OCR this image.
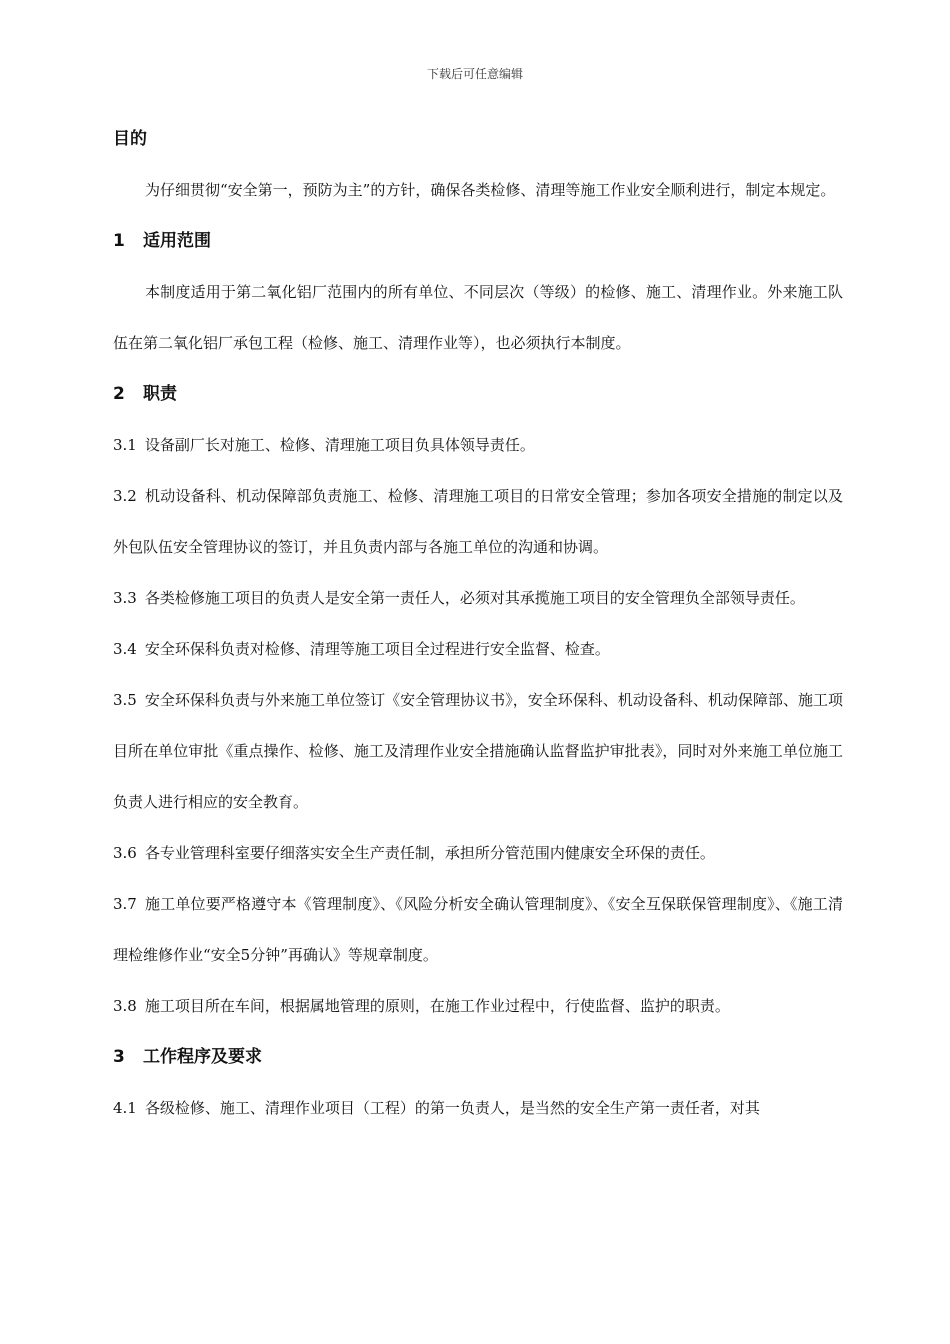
下载后可任意编辑
目的

为仔细贯彻“安全第一，预防为主”的方针，确保各类检修、清理等施工作业安全顺利进行，制定本规定。

1 适用范围

本制度适用于第二氧化铝厂范围内的所有单位、不同层次（等级）的检修、施工、清理作业。外来施工队伍在第二氧化铝厂承包工程（检修、施工、清理作业等），也必须执行本制度。

2 职责

3.1 设备副厂长对施工、检修、清理施工项目负具体领导责任。

3.2 机动设备科、机动保障部负责施工、检修、清理施工项目的日常安全管理；参加各项安全措施的制定以及外包队伍安全管理协议的签订，并且负责内部与各施工单位的沟通和协调。

3.3 各类检修施工项目的负责人是安全第一责任人，必须对其承揽施工项目的安全管理负全部领导责任。

3.4 安全环保科负责对检修、清理等施工项目全过程进行安全监督、检查。

3.5 安全环保科负责与外来施工单位签订《安全管理协议书》，安全环保科、机动设备科、机动保障部、施工项目所在单位审批《重点操作、检修、施工及清理作业安全措施确认监督监护审批表》，同时对外来施工单位施工负责人进行相应的安全教育。

3.6 各专业管理科室要仔细落实安全生产责任制，承担所分管范围内健康安全环保的责任。

3.7 施工单位要严格遵守本《管理制度》、《风险分析安全确认管理制度》、《安全互保联保管理制度》、《施工清理检维修作业“安全5分钟”再确认》等规章制度。

3.8 施工项目所在车间，根据属地管理的原则，在施工作业过程中，行使监督、监护的职责。

3 工作程序及要求

4.1 各级检修、施工、清理作业项目（工程）的第一负责人，是当然的安全生产第一责任者，对其
